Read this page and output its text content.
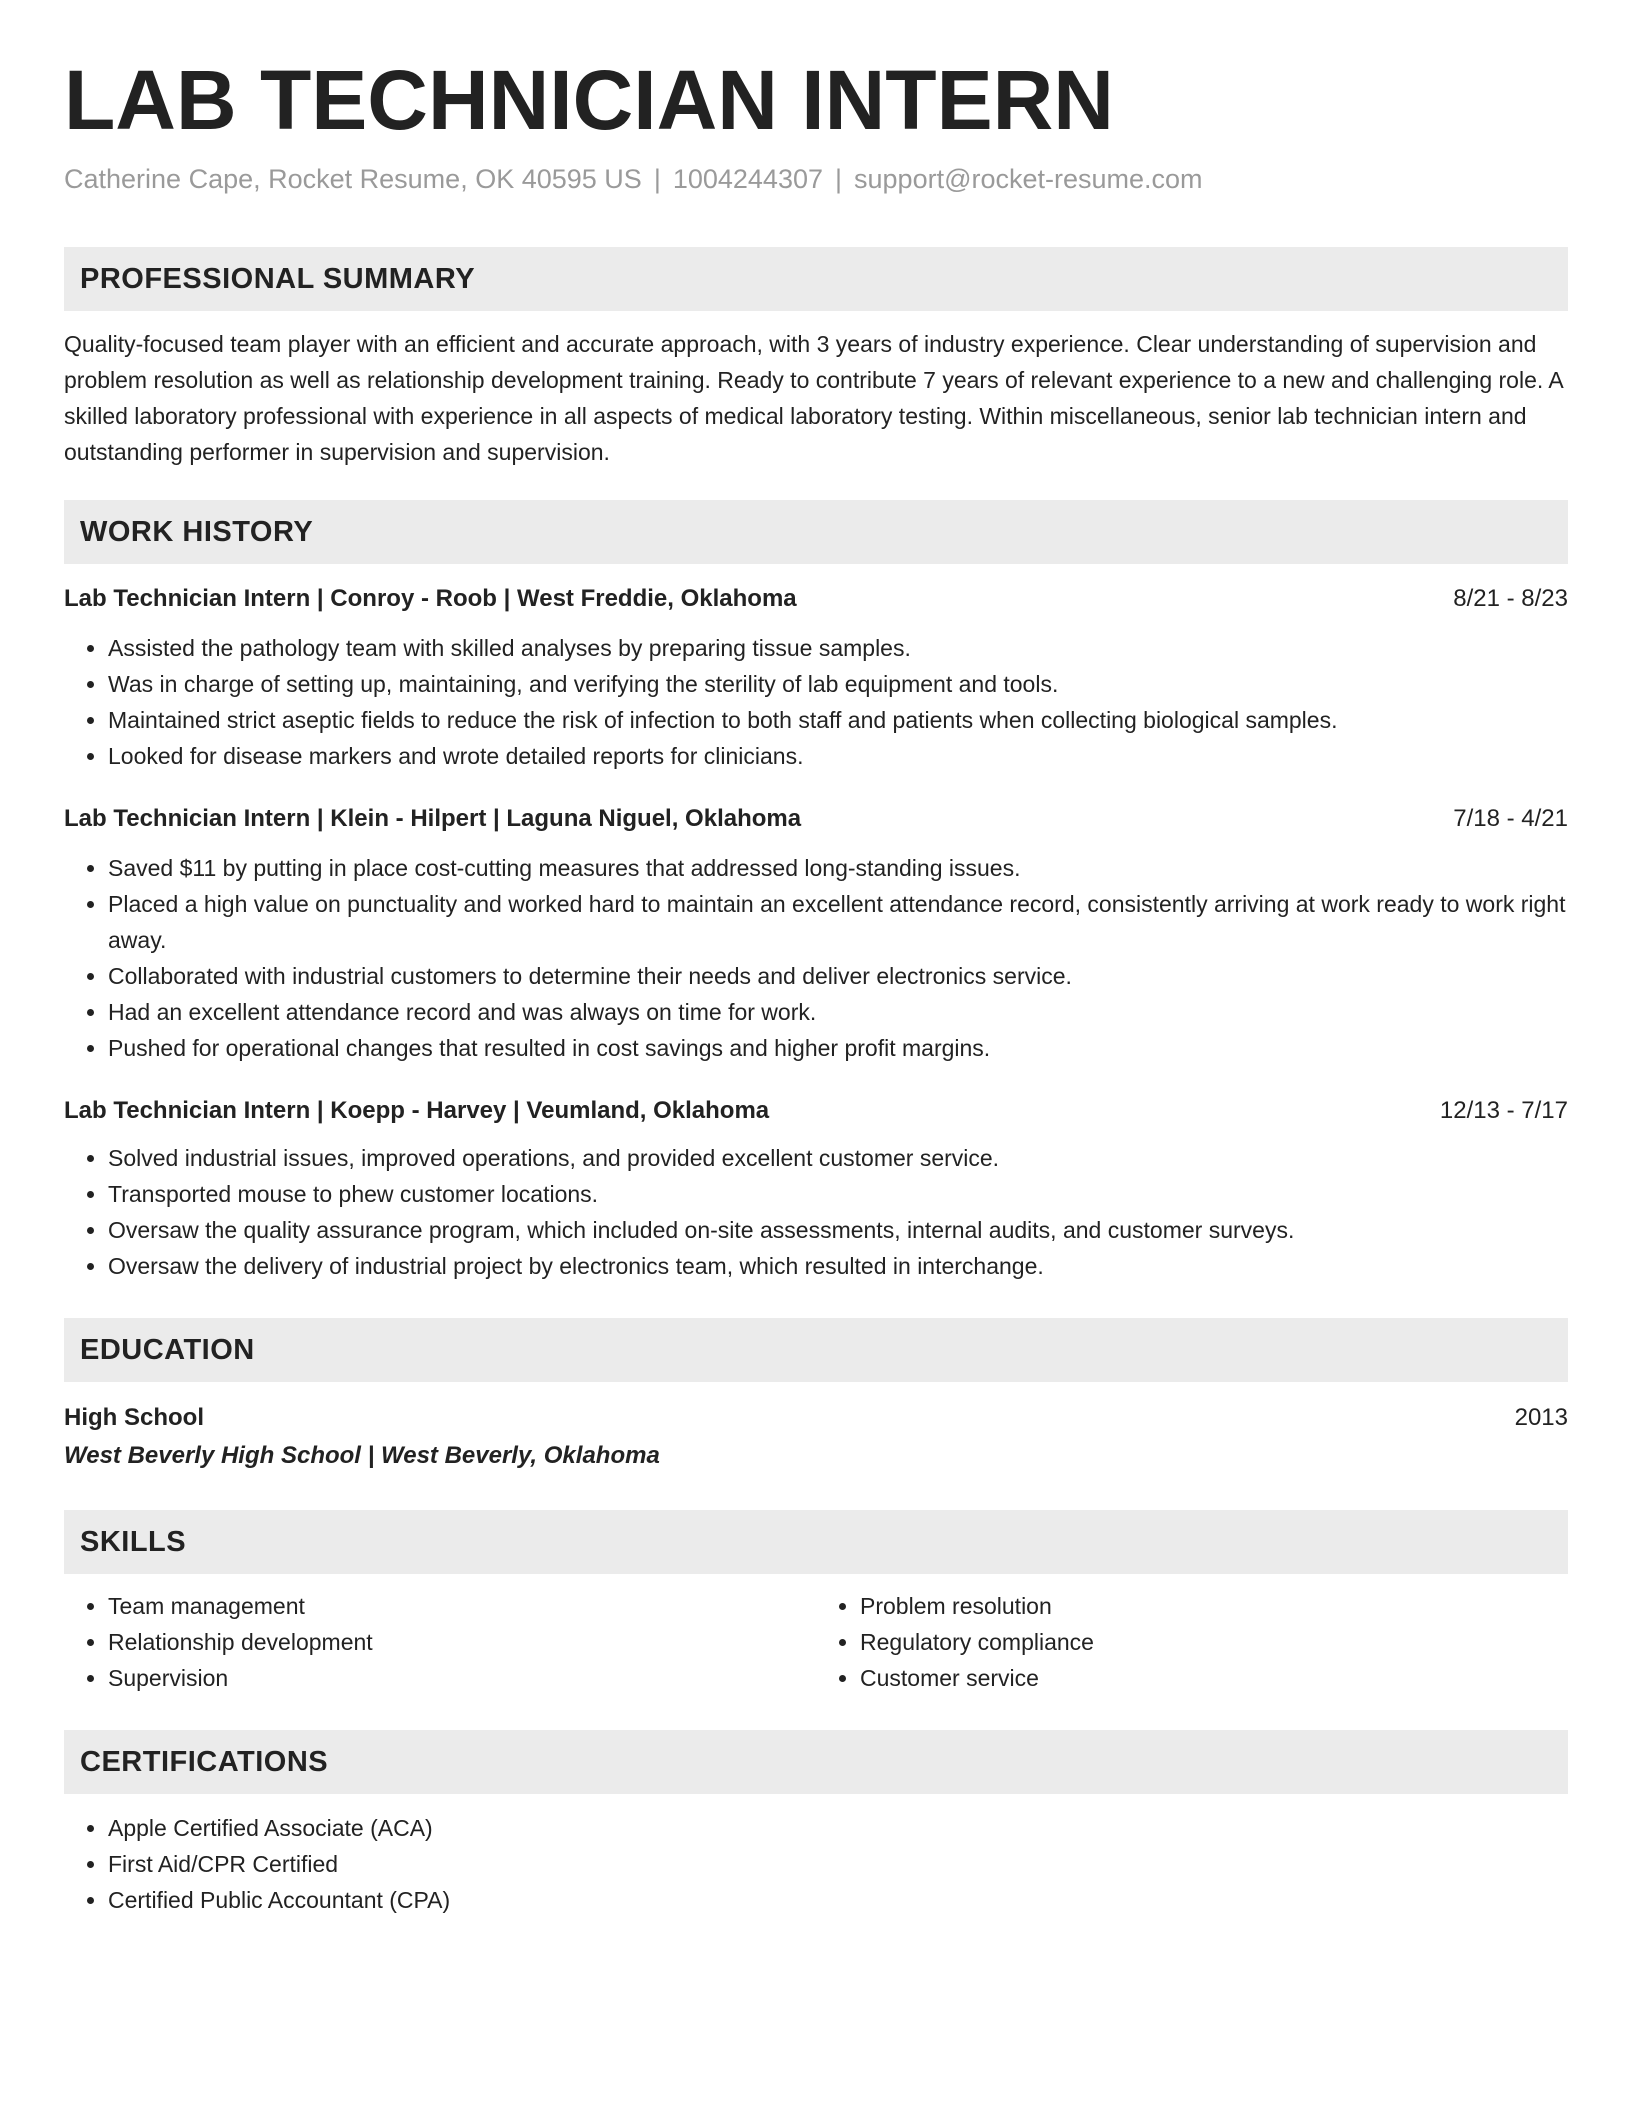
LAB TECHNICIAN INTERN
Catherine Cape, Rocket Resume, OK 40595 US | 1004244307 | support@rocket-resume.com
PROFESSIONAL SUMMARY
Quality-focused team player with an efficient and accurate approach, with 3 years of industry experience. Clear understanding of supervision and problem resolution as well as relationship development training. Ready to contribute 7 years of relevant experience to a new and challenging role. A skilled laboratory professional with experience in all aspects of medical laboratory testing. Within miscellaneous, senior lab technician intern and outstanding performer in supervision and supervision.
WORK HISTORY
Lab Technician Intern | Conroy - Roob | West Freddie, Oklahoma	8/21 - 8/23
• Assisted the pathology team with skilled analyses by preparing tissue samples.
• Was in charge of setting up, maintaining, and verifying the sterility of lab equipment and tools.
• Maintained strict aseptic fields to reduce the risk of infection to both staff and patients when collecting biological samples.
• Looked for disease markers and wrote detailed reports for clinicians.
Lab Technician Intern | Klein - Hilpert | Laguna Niguel, Oklahoma	7/18 - 4/21
• Saved $11 by putting in place cost-cutting measures that addressed long-standing issues.
• Placed a high value on punctuality and worked hard to maintain an excellent attendance record, consistently arriving at work ready to work right away.
• Collaborated with industrial customers to determine their needs and deliver electronics service.
• Had an excellent attendance record and was always on time for work.
• Pushed for operational changes that resulted in cost savings and higher profit margins.
Lab Technician Intern | Koepp - Harvey | Veumland, Oklahoma	12/13 - 7/17
• Solved industrial issues, improved operations, and provided excellent customer service.
• Transported mouse to phew customer locations.
• Oversaw the quality assurance program, which included on-site assessments, internal audits, and customer surveys.
• Oversaw the delivery of industrial project by electronics team, which resulted in interchange.
EDUCATION
High School	2013
West Beverly High School | West Beverly, Oklahoma
SKILLS
• Team management
• Relationship development
• Supervision
• Problem resolution
• Regulatory compliance
• Customer service
CERTIFICATIONS
• Apple Certified Associate (ACA)
• First Aid/CPR Certified
• Certified Public Accountant (CPA)
